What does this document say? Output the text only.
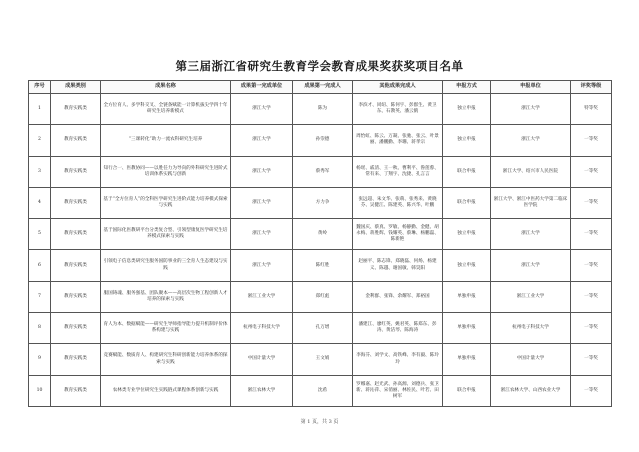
第三届浙江省研究生教育学会教育成果奖获奖项目名单
序号	成果类别	成果名称	成果第一完成单位	成果第一完成人	其他成果完成人	申报方式	申报单位	评奖等级
1	教育实践类	全方位育人、多学科交叉、全链条赋能一计算机拔尖学四十年研究生培养新模式	浙江大学	陈为	李滨才、同纽、陈何宇、彭群生、黄卫东、石教英、潘云鹤	独立申报	浙江大学	特等奖
2	教育实践类	“三课转化”助力一流农科研究生培养	浙江大学	孙崇德	周怡虹、陈云、万凝、张驰、张云、叶景丽、潘鹏勤、李珊、蒋孝宗	独立申报	浙江大学	一等奖
3	教育实践类	知行合一、医教协同——以胜任力为导向的外科研究生进阶式培训体系实践与创新	浙江大学	蔡秀军	杨瑶、戚清、王一秋、曹利平、鲁莲蓉、常有来、丁翔宇、沈捷、孔言言	联合申报	浙江大学、绍兴市人民医院	一等奖
4	教育实践类	基于“全方位育人”的全科医学研究生进阶式能力培养模式探索与实践	浙江大学	方力争	张远超、朱文华、张萌、张秀来、黄晓芬、吴健江、陈建英、陈兴华、叶鹏	联合申报	浙江大学、浙江中医药大学第二临床医学院	一等奖
5	教育实践类	基于国际化医教研平台分类复合型、引领型康复医学研究生培养模式探索与实践	浙江大学	黄岭	魏国庆、蔡真、罗敏、杨静勤、金健、胡永梅、蒋胜辉、钱耀英、蔡琳、杨鹏磊、陈新艳	独立申报	浙江大学	一等奖
6	教育实践类	引领电子信息类研究生服务国防事业的三全育人生态建设与实践	浙江大学	陈红胜	赵丽平、陈志锋、郑晓磊、何炀、杨建义、陈越、谢国敏、韩昊阳	独立申报	浙江大学	一等奖
7	教育实践类	服国铸魂、服务强基、团队聚本——高层次生物工程创新人才培养的探索与实践	浙江工业大学	郑红彪	金利群、张锋、余耀军、郑裕国	单独申报	浙江工业大学	一等奖
8	教育实践类	育人为本、数据赋能——研究生导师指导能力提升机制评价体系构建与实践	杭州电子科技大学	孔万增	潘建江、廖红英、姚君英、陈郑东、彭涛、黄洁琴、陈海涛	单独申报	杭州电子科技大学	一等奖
9	教育实践类	竞赛赋能、数质育人、构建研究生科研创新能力培养体系的探索与实践	中国计量大学	王文娟	李海芬、刘学文、高铁峰、李有毅、陈玲玲	单独申报	中国计量大学	一等奖
10	教育实践类	农林类专业学位研究生实践链式课程体系创新与实践	浙江农林大学	沈希	罗娜嘉、赵光武、孙高源、刘德兵、张卫新、蒋沁萍、宋俏丽、林佐民、叶若、田树军	联合申报	浙江农林大学、山西农业大学	一等奖
第 1 页，共 3 页
